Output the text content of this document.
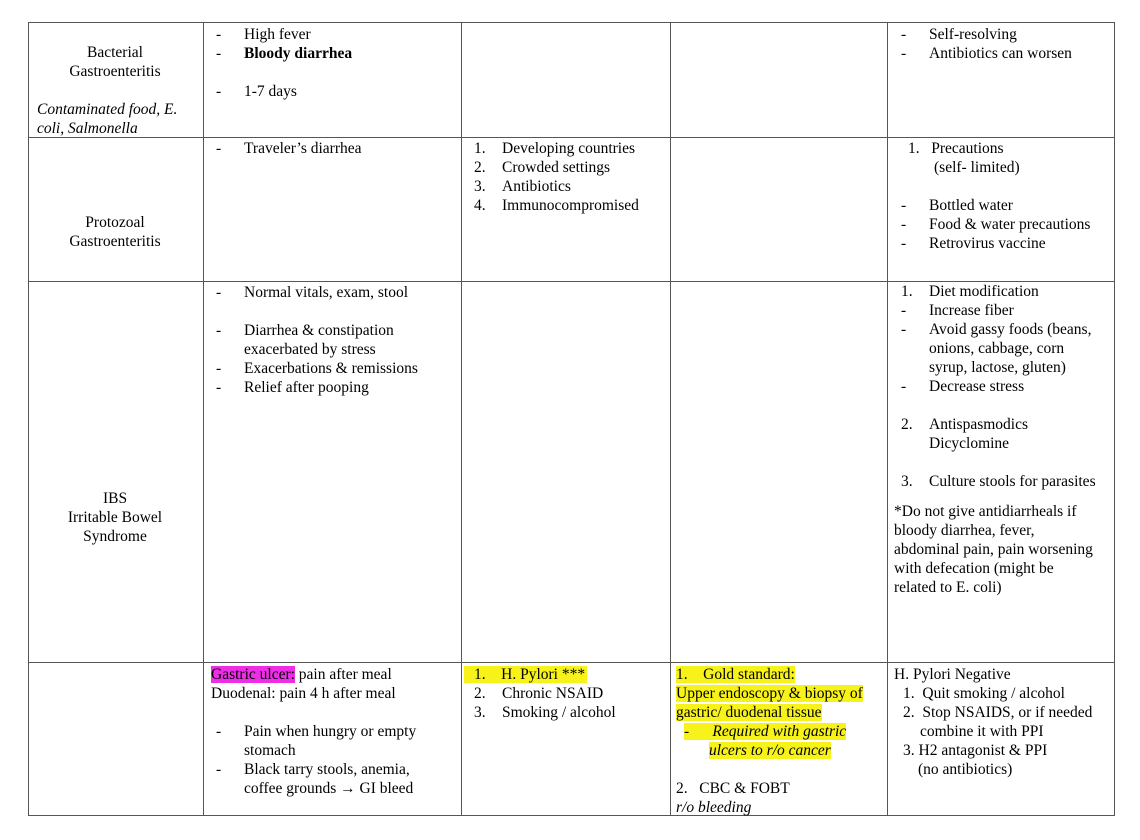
Bacterial
Gastroenteritis
Contaminated food, E.
coli, Salmonella
- High fever
- Bloody diarrhea
- 1-7 days
- Self-resolving
- Antibiotics can worsen
Protozoal
Gastroenteritis
- Traveler’s diarrhea	1. Developing countries
2. Crowded settings
3. Antibiotics
4. Immunocompromised
1. Precautions
(self- limited)
- Bottled water
- Food & water precautions
- Retrovirus vaccine
IBS
Irritable Bowel
Syndrome
- Normal vitals, exam, stool
- Diarrhea & constipation
exacerbated by stress
- Exacerbations & remissions
- Relief after pooping
1. Diet modification
- Increase fiber
- Avoid gassy foods (beans,
onions, cabbage, corn
syrup, lactose, gluten)
- Decrease stress
2. Antispasmodics
Dicyclomine
3. Culture stools for parasites
*Do not give antidiarrheals if
bloody diarrhea, fever,
abdominal pain, pain worsening
with defecation (might be
related to E. coli)
Gastric ulcer: pain after meal
Duodenal: pain 4 h after meal
- Pain when hungry or empty
stomach
- Black tarry stools, anemia,
coffee grounds → GI bleed
1.    H. Pylori ***
2. Chronic NSAID
3. Smoking / alcohol
1.    Gold standard:
Upper endoscopy & biopsy of
gastric/ duodenal tissue
-      Required with gastric
ulcers to r/o cancer
2.   CBC & FOBT
r/o bleeding
H. Pylori Negative
1.  Quit smoking / alcohol
2.  Stop NSAIDS, or if needed
combine it with PPI
3. H2 antagonist & PPI
(no antibiotics)
